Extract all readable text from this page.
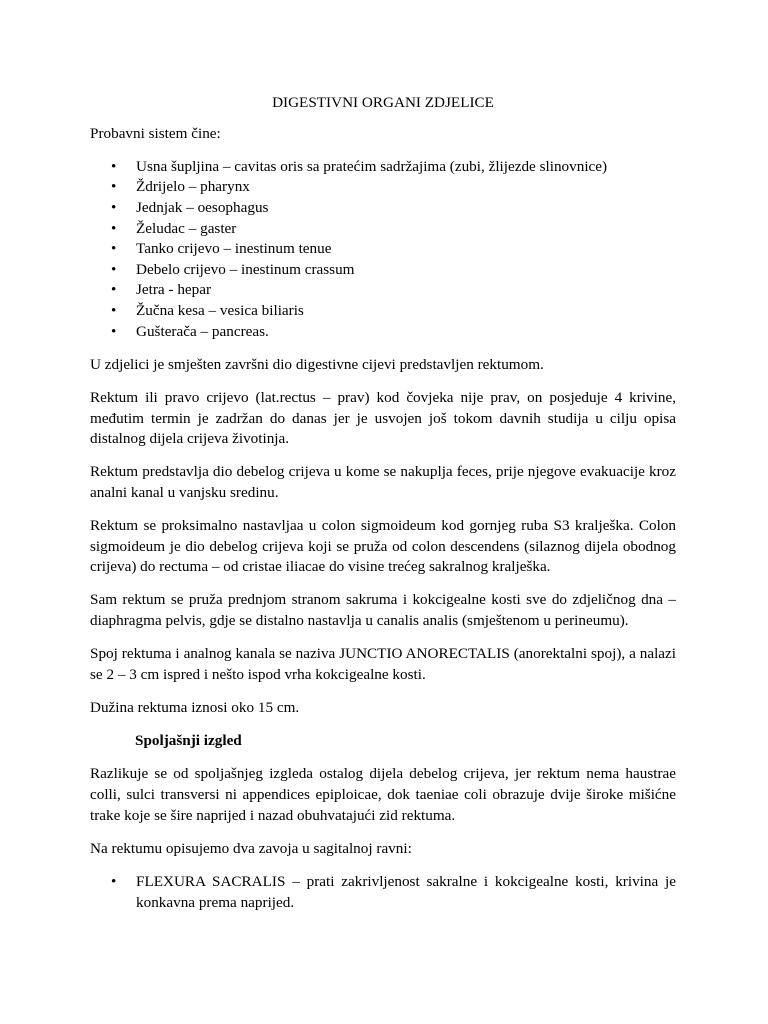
DIGESTIVNI ORGANI ZDJELICE

Probavni sistem čine:

• Usna šupljina – cavitas oris sa pratećim sadržajima (zubi, žlijezde slinovnice)
• Ždrijelo – pharynx
• Jednjak – oesophagus
• Želudac – gaster
• Tanko crijevo – inestinum tenue
• Debelo crijevo – inestinum crassum
• Jetra - hepar
• Žučna kesa – vesica biliaris
• Gušterača – pancreas.

U zdjelici je smješten završni dio digestivne cijevi predstavljen rektumom.

Rektum ili pravo crijevo (lat.rectus – prav) kod čovjeka nije prav, on posjeduje 4 krivine, međutim termin je zadržan do danas jer je usvojen još tokom davnih studija u cilju opisa distalnog dijela crijeva životinja.

Rektum predstavlja dio debelog crijeva u kome se nakuplja feces, prije njegove evakuacije kroz analni kanal u vanjsku sredinu.

Rektum se proksimalno nastavljaa u colon sigmoideum kod gornjeg ruba S3 kralješka. Colon sigmoideum je dio debelog crijeva koji se pruža od colon descendens (silaznog dijela obodnog crijeva) do rectuma – od cristae iliacae do visine trećeg sakralnog kralješka.

Sam rektum se pruža prednjom stranom sakruma i kokcigealne kosti sve do zdjeličnog dna – diaphragma pelvis, gdje se distalno nastavlja u canalis analis (smještenom u perineumu).

Spoj rektuma i analnog kanala se naziva JUNCTIO ANORECTALIS (anorektalni spoj), a nalazi se 2 – 3 cm ispred i nešto ispod vrha kokcigealne kosti.

Dužina rektuma iznosi oko 15 cm.

Spoljašnji izgled

Razlikuje se od spoljašnjeg izgleda ostalog dijela debelog crijeva, jer rektum nema haustrae colli, sulci transversi ni appendices epiploicae, dok taeniae coli obrazuje dvije široke mišićne trake koje se šire naprijed i nazad obuhvatajući zid rektuma.

Na rektumu opisujemo dva zavoja u sagitalnoj ravni:

• FLEXURA SACRALIS – prati zakrivljenost sakralne i kokcigealne kosti, krivina je konkavna prema naprijed.
